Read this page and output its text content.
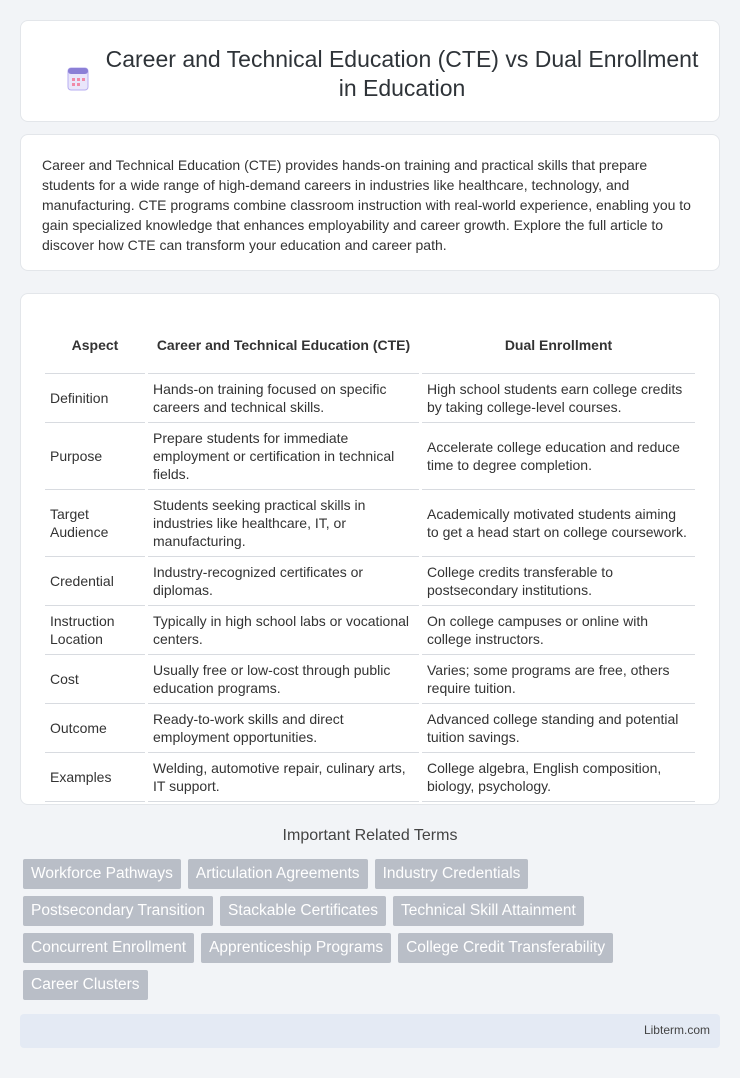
Career and Technical Education (CTE) vs Dual Enrollment in Education

Career and Technical Education (CTE) provides hands-on training and practical skills that prepare students for a wide range of high-demand careers in industries like healthcare, technology, and manufacturing. CTE programs combine classroom instruction with real-world experience, enabling you to gain specialized knowledge that enhances employability and career growth. Explore the full article to discover how CTE can transform your education and career path.

Aspect	Career and Technical Education (CTE)	Dual Enrollment
Definition	Hands-on training focused on specific careers and technical skills.	High school students earn college credits by taking college-level courses.
Purpose	Prepare students for immediate employment or certification in technical fields.	Accelerate college education and reduce time to degree completion.
Target Audience	Students seeking practical skills in industries like healthcare, IT, or manufacturing.	Academically motivated students aiming to get a head start on college coursework.
Credential	Industry-recognized certificates or diplomas.	College credits transferable to postsecondary institutions.
Instruction Location	Typically in high school labs or vocational centers.	On college campuses or online with college instructors.
Cost	Usually free or low-cost through public education programs.	Varies; some programs are free, others require tuition.
Outcome	Ready-to-work skills and direct employment opportunities.	Advanced college standing and potential tuition savings.
Examples	Welding, automotive repair, culinary arts, IT support.	College algebra, English composition, biology, psychology.
Important Related Terms
Workforce Pathways	Articulation Agreements	Industry Credentials
Postsecondary Transition	Stackable Certificates	Technical Skill Attainment
Concurrent Enrollment	Apprenticeship Programs	College Credit Transferability
Career Clusters
Libterm.com
